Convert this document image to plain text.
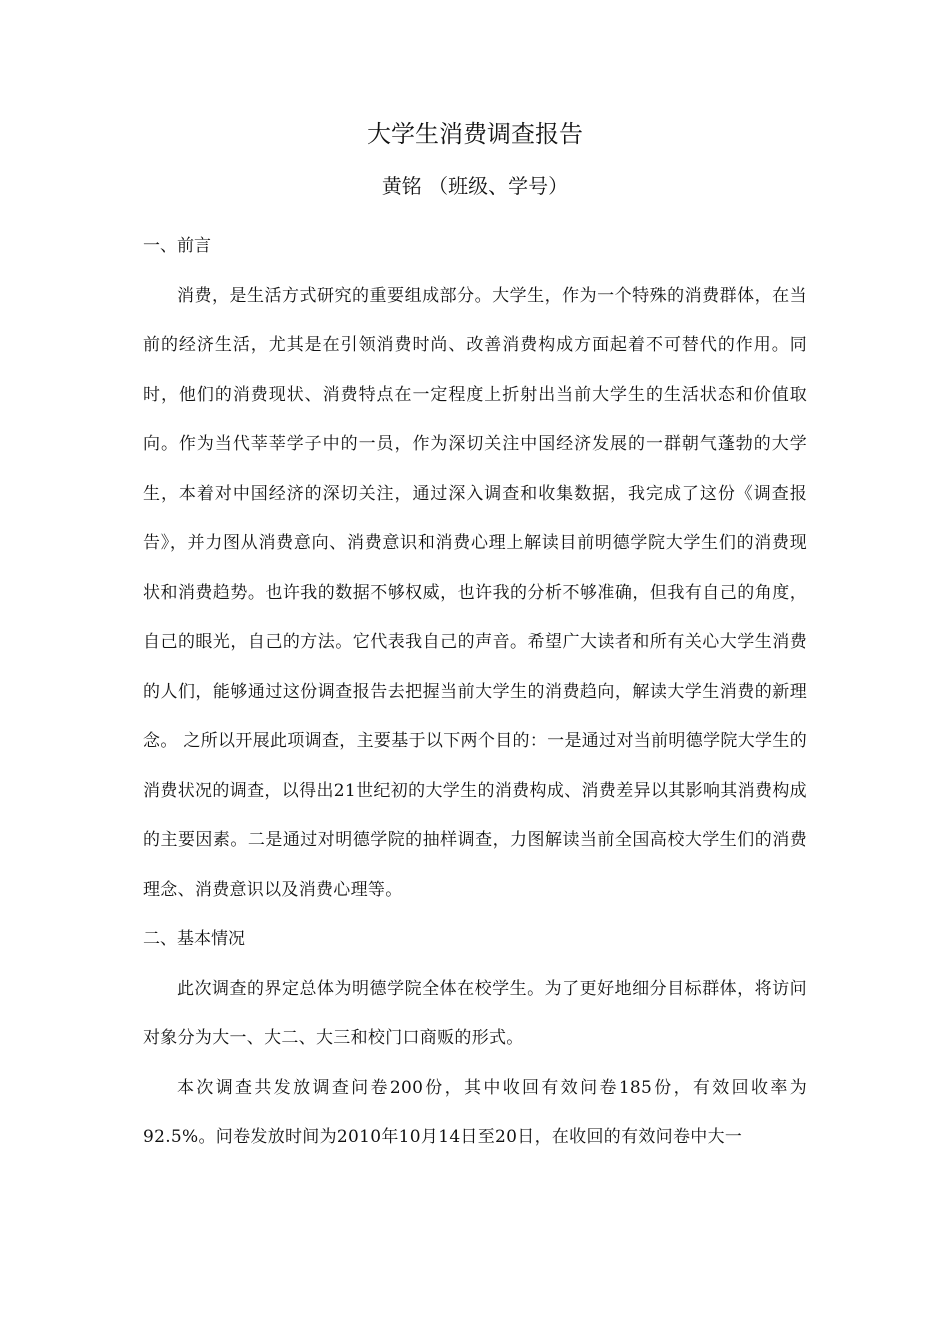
大学生消费调查报告
黄铭 （班级、学号）
一、前言

消费，是生活方式研究的重要组成部分。大学生，作为一个特殊的消费群体，在当前的经济生活，尤其是在引领消费时尚、改善消费构成方面起着不可替代的作用。同时，他们的消费现状、消费特点在一定程度上折射出当前大学生的生活状态和价值取向。作为当代莘莘学子中的一员，作为深切关注中国经济发展的一群朝气蓬勃的大学生，本着对中国经济的深切关注，通过深入调查和收集数据，我完成了这份《调查报告》，并力图从消费意向、消费意识和消费心理上解读目前明德学院大学生们的消费现状和消费趋势。也许我的数据不够权威，也许我的分析不够准确，但我有自己的角度，自己的眼光，自己的方法。它代表我自己的声音。希望广大读者和所有关心大学生消费的人们，能够通过这份调查报告去把握当前大学生的消费趋向，解读大学生消费的新理念。 之所以开展此项调查，主要基于以下两个目的：一是通过对当前明德学院大学生的消费状况的调查，以得出21世纪初的大学生的消费构成、消费差异以其影响其消费构成的主要因素。二是通过对明德学院的抽样调查，力图解读当前全国高校大学生们的消费理念、消费意识以及消费心理等。

二、基本情况

此次调查的界定总体为明德学院全体在校学生。为了更好地细分目标群体，将访问对象分为大一、大二、大三和校门口商贩的形式。

本次调查共发放调查问卷200份，其中收回有效问卷185份，有效回收率为92.5%。问卷发放时间为2010年10月14日至20日，在收回的有效问卷中大一
